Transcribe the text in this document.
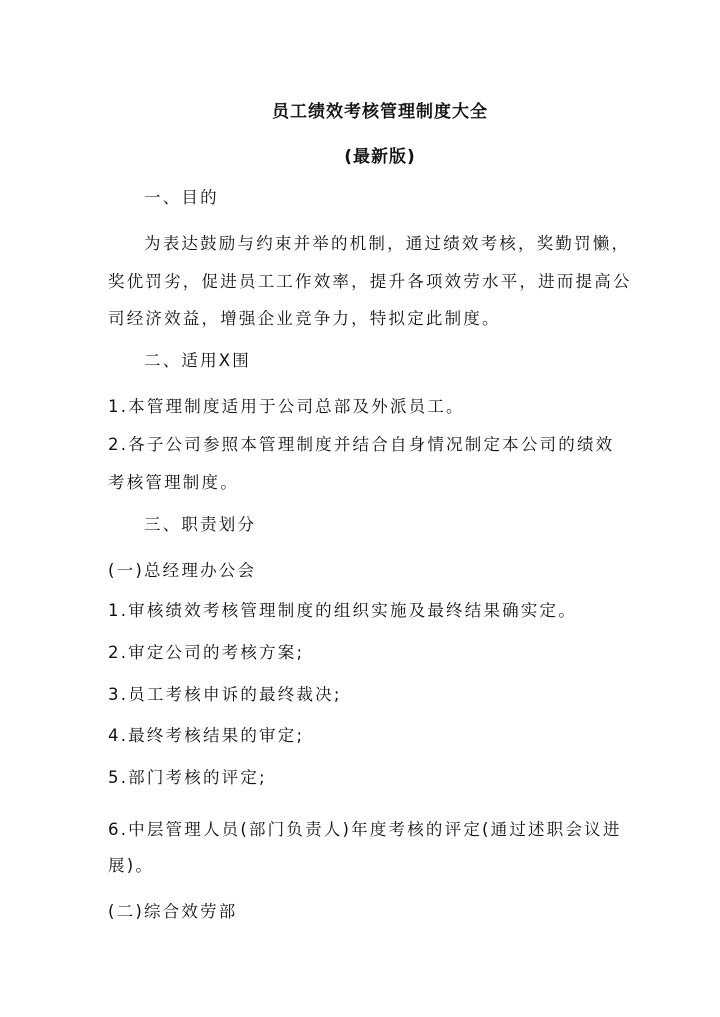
员工绩效考核管理制度大全
(最新版)
一、目的
为表达鼓励与约束并举的机制，通过绩效考核，奖勤罚懒，
奖优罚劣，促进员工工作效率，提升各项效劳水平，进而提高公
司经济效益，增强企业竞争力，特拟定此制度。
二、适用X围
1.本管理制度适用于公司总部及外派员工。
2.各子公司参照本管理制度并结合自身情况制定本公司的绩效
考核管理制度。
三、职责划分
(一)总经理办公会
1.审核绩效考核管理制度的组织实施及最终结果确实定。
2.审定公司的考核方案;
3.员工考核申诉的最终裁决;
4.最终考核结果的审定;
5.部门考核的评定;
6.中层管理人员(部门负责人)年度考核的评定(通过述职会议进
展)。
(二)综合效劳部
